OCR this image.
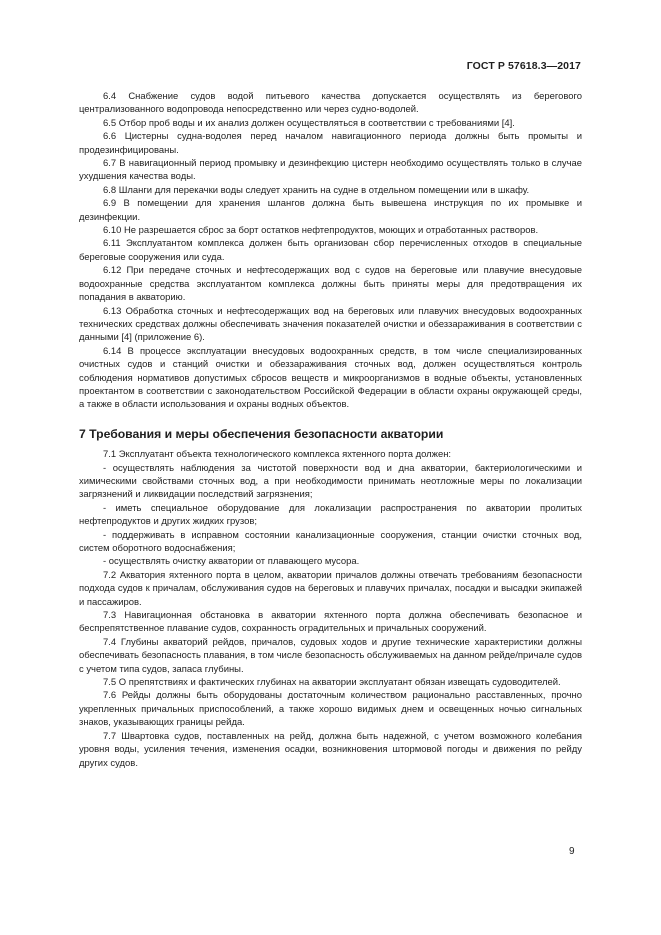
ГОСТ Р 57618.3—2017

6.4 Снабжение судов водой питьевого качества допускается осуществлять из берегового централизованного водопровода непосредственно или через судно-водолей.

6.5 Отбор проб воды и их анализ должен осуществляться в соответствии с требованиями [4].

6.6 Цистерны судна-водолея перед началом навигационного периода должны быть промыты и продезинфицированы.

6.7 В навигационный период промывку и дезинфекцию цистерн необходимо осуществлять только в случае ухудшения качества воды.

6.8 Шланги для перекачки воды следует хранить на судне в отдельном помещении или в шкафу.

6.9 В помещении для хранения шлангов должна быть вывешена инструкция по их промывке и дезинфекции.

6.10 Не разрешается сброс за борт остатков нефтепродуктов, моющих и отработанных растворов.

6.11 Эксплуатантом комплекса должен быть организован сбор перечисленных отходов в специальные береговые сооружения или суда.

6.12 При передаче сточных и нефтесодержащих вод с судов на береговые или плавучие внесудовые водоохранные средства эксплуатантом комплекса должны быть приняты меры для предотвращения их попадания в акваторию.

6.13 Обработка сточных и нефтесодержащих вод на береговых или плавучих внесудовых водоохранных технических средствах должны обеспечивать значения показателей очистки и обеззараживания в соответствии с данными [4] (приложение 6).

6.14 В процессе эксплуатации внесудовых водоохранных средств, в том числе специализированных очистных судов и станций очистки и обеззараживания сточных вод, должен осуществляться контроль соблюдения нормативов допустимых сбросов веществ и микроорганизмов в водные объекты, установленных проектантом в соответствии с законодательством Российской Федерации в области охраны окружающей среды, а также в области использования и охраны водных объектов.

7 Требования и меры обеспечения безопасности акватории

7.1 Эксплуатант объекта технологического комплекса яхтенного порта должен:

- осуществлять наблюдения за чистотой поверхности вод и дна акватории, бактериологическими и химическими свойствами сточных вод, а при необходимости принимать неотложные меры по локализации загрязнений и ликвидации последствий загрязнения;

- иметь специальное оборудование для локализации распространения по акватории пролитых нефтепродуктов и других жидких грузов;

- поддерживать в исправном состоянии канализационные сооружения, станции очистки сточных вод, систем оборотного водоснабжения;

- осуществлять очистку акватории от плавающего мусора.

7.2 Акватория яхтенного порта в целом, акватории причалов должны отвечать требованиям безопасности подхода судов к причалам, обслуживания судов на береговых и плавучих причалах, посадки и высадки экипажей и пассажиров.

7.3 Навигационная обстановка в акватории яхтенного порта должна обеспечивать безопасное и беспрепятственное плавание судов, сохранность оградительных и причальных сооружений.

7.4 Глубины акваторий рейдов, причалов, судовых ходов и другие технические характеристики должны обеспечивать безопасность плавания, в том числе безопасность обслуживаемых на данном рейде/причале судов с учетом типа судов, запаса глубины.

7.5 О препятствиях и фактических глубинах на акватории эксплуатант обязан извещать судоводителей.

7.6 Рейды должны быть оборудованы достаточным количеством рационально расставленных, прочно укрепленных причальных приспособлений, а также хорошо видимых днем и освещенных ночью сигнальных знаков, указывающих границы рейда.

7.7 Швартовка судов, поставленных на рейд, должна быть надежной, с учетом возможного колебания уровня воды, усиления течения, изменения осадки, возникновения штормовой погоды и движения по рейду других судов.

9
